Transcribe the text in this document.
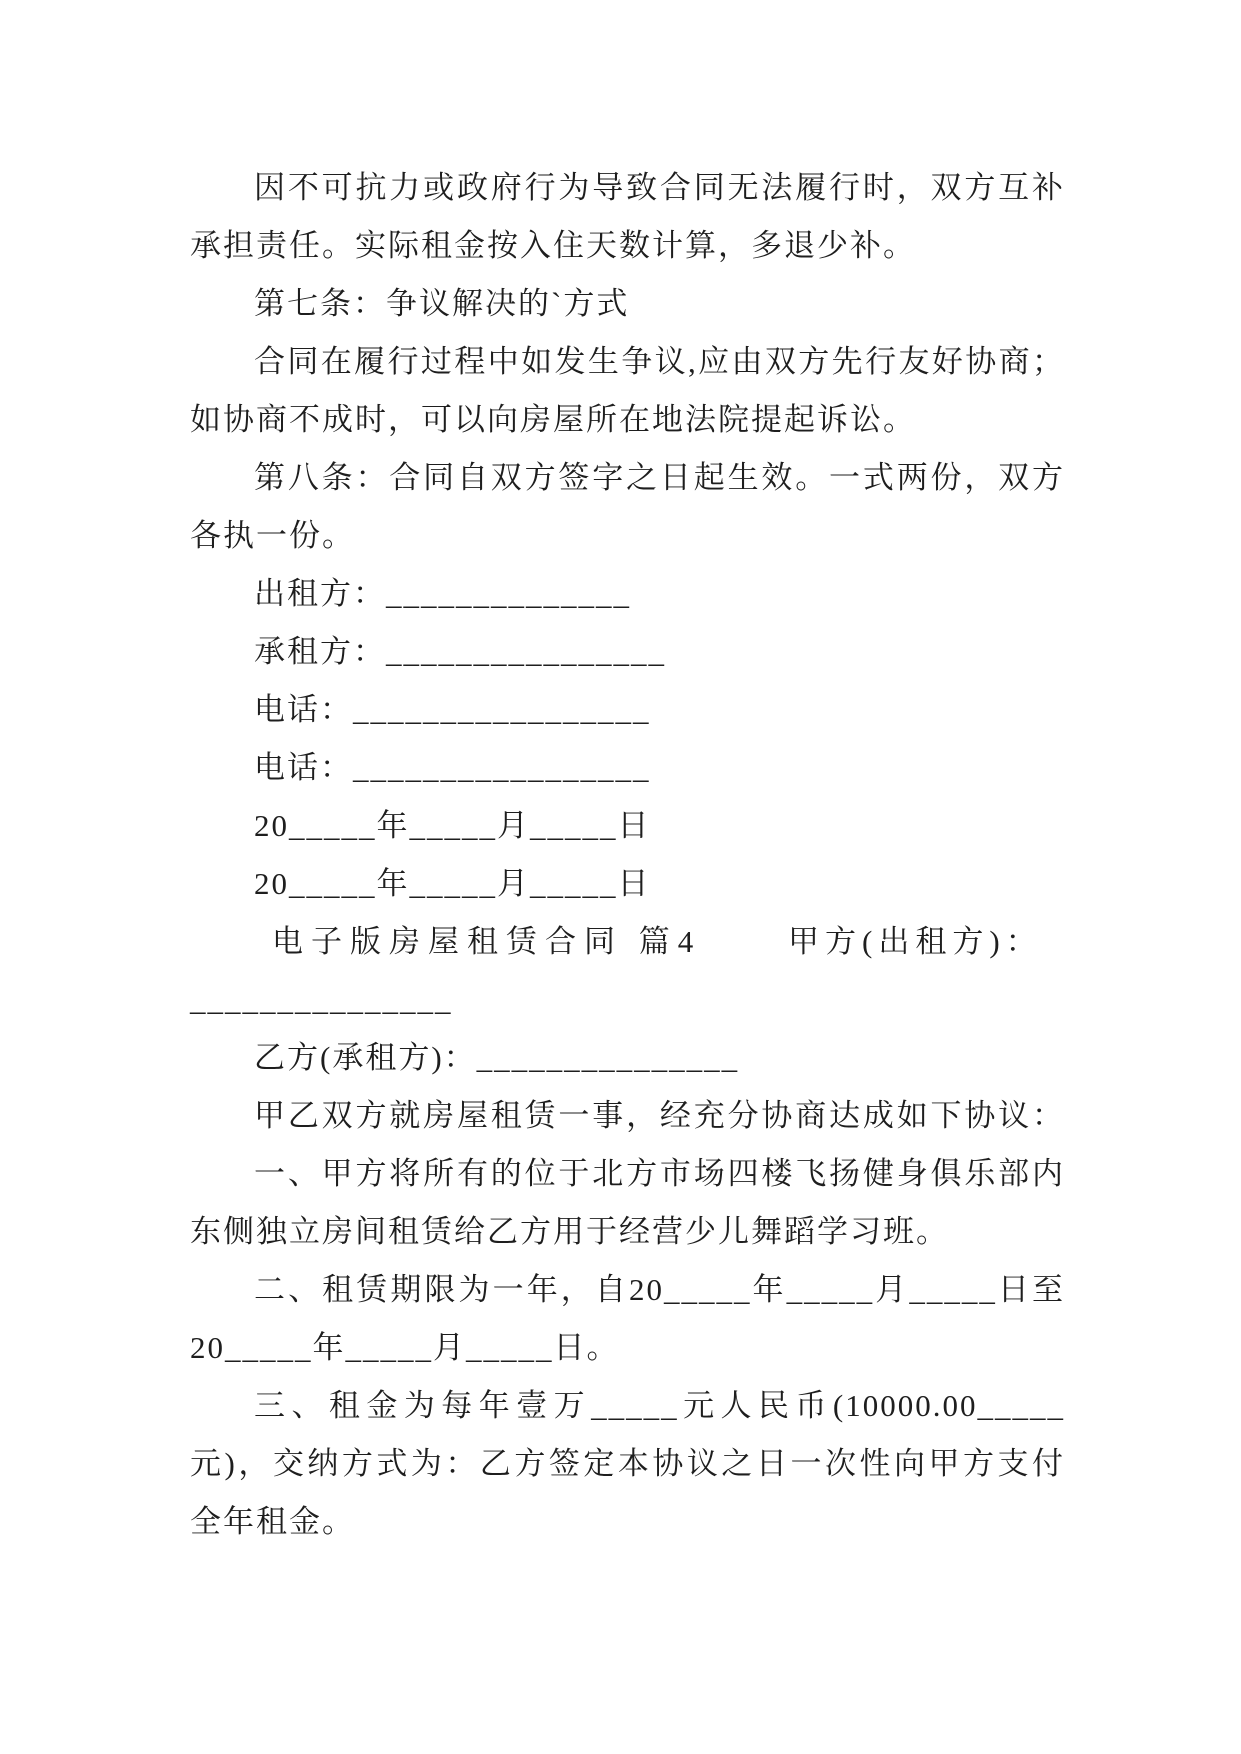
因不可抗力或政府行为导致合同无法履行时，双方互补
承担责任。实际租金按入住天数计算，多退少补。
第七条：争议解决的`方式
合同在履行过程中如发生争议,应由双方先行友好协商；
如协商不成时，可以向房屋所在地法院提起诉讼。
第八条：合同自双方签字之日起生效。一式两份，双方
各执一份。
出租方：______________
承租方：________________
电话：_________________
电话：_________________
20_____年_____月_____日
20_____年_____月_____日
电子版房屋租赁合同 篇4	甲方(出租方)：
_______________
乙方(承租方)：_______________
甲乙双方就房屋租赁一事，经充分协商达成如下协议：
一、甲方将所有的位于北方市场四楼飞扬健身俱乐部内
东侧独立房间租赁给乙方用于经营少儿舞蹈学习班。
二、租赁期限为一年，自20_____年_____月_____日至
20_____年_____月_____日。
三、租金为每年壹万_____元人民币(10000.00_____
元)，交纳方式为：乙方签定本协议之日一次性向甲方支付
全年租金。
